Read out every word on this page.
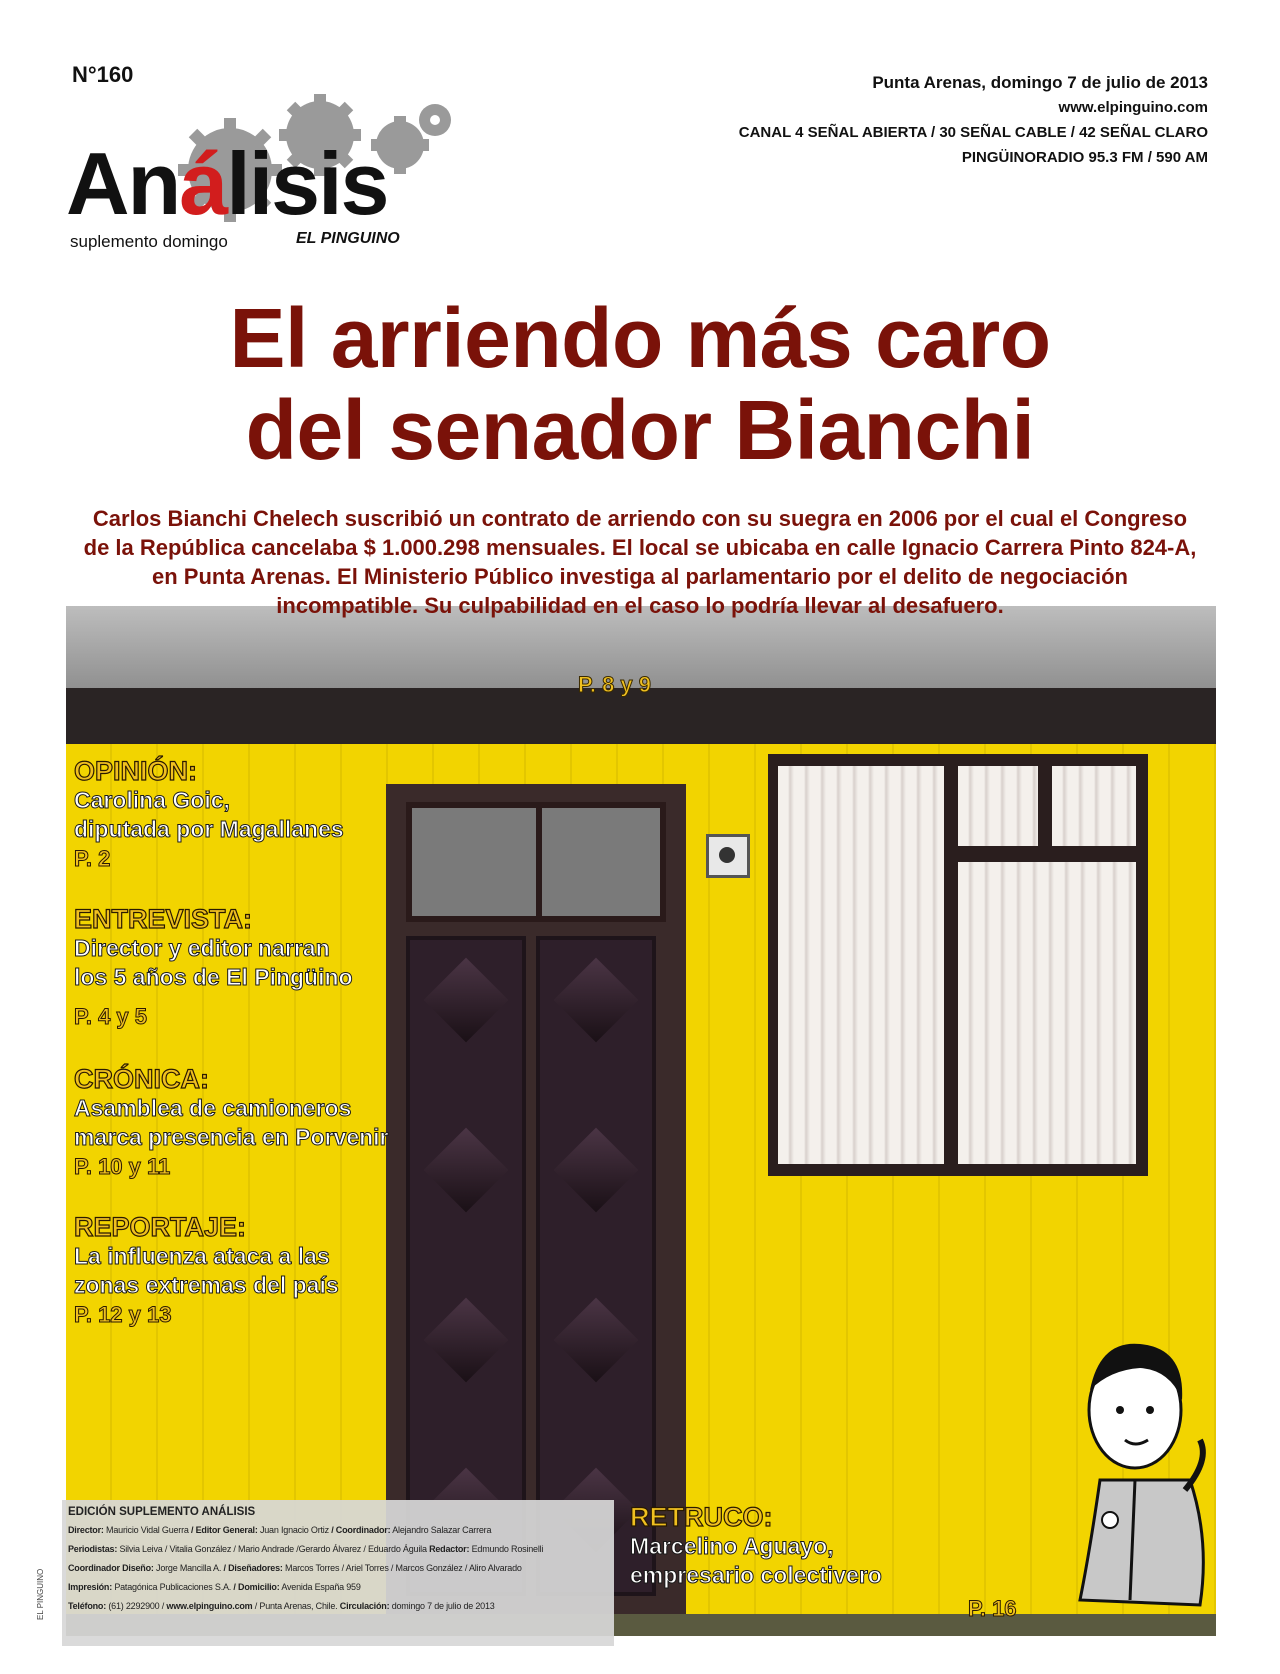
N°160
Análisis
suplemento domingo	EL PINGUINO
Punta Arenas, domingo 7 de julio de 2013
www.elpinguino.com
CANAL 4 SEÑAL ABIERTA / 30 SEÑAL CABLE / 42 SEÑAL CLARO
PINGÜINORADIO 95.3 FM / 590 AM
El arriendo más caro
del senador Bianchi
Carlos Bianchi Chelech suscribió un contrato de arriendo con su suegra en 2006 por el cual el Congreso de la República cancelaba $ 1.000.298 mensuales. El local se ubicaba en calle Ignacio Carrera Pinto 824-A, en Punta Arenas. El Ministerio Público investiga al parlamentario por el delito de negociación incompatible. Su culpabilidad en el caso lo podría llevar al desafuero.
P. 8 y 9
OPINIÓN:
Carolina Goic,
diputada por Magallanes
P. 2
ENTREVISTA:
Director y editor narran
los 5 años de El Pingüino
P. 4 y 5
CRÓNICA:
Asamblea de camioneros
marca presencia en Porvenir
P. 10 y 11
REPORTAJE:
La influenza ataca a las
zonas extremas del país
P. 12 y 13
EDICIÓN SUPLEMENTO ANÁLISIS
Director: Mauricio Vidal Guerra / Editor General: Juan Ignacio Ortiz / Coordinador: Alejandro Salazar Carrera
Periodistas: Silvia Leiva / Vitalia González / Mario Andrade /Gerardo Álvarez / Eduardo Águila Redactor: Edmundo Rosinelli
Coordinador Diseño: Jorge Mancilla A. / Diseñadores: Marcos Torres / Ariel Torres / Marcos González / Aliro Alvarado
Impresión: Patagónica Publicaciones S.A. / Domicilio: Avenida España 959
Teléfono: (61) 2292900 / www.elpinguino.com / Punta Arenas, Chile. Circulación: domingo 7 de julio de 2013
EL PINGUINO
RETRUCO:
Marcelino Aguayo,
empresario colectivero
P. 16
